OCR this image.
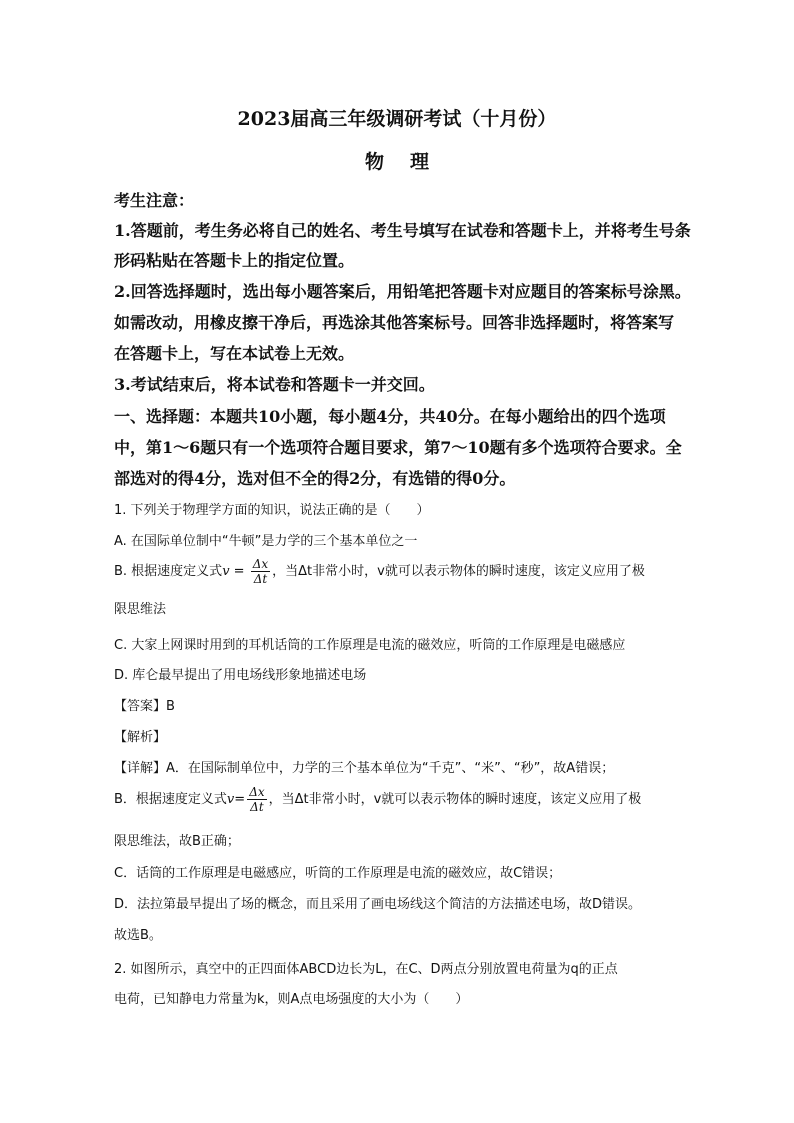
2023届高三年级调研考试（十月份）
物理
考生注意：
1.答题前，考生务必将自己的姓名、考生号填写在试卷和答题卡上，并将考生号条
形码粘贴在答题卡上的指定位置。
2.回答选择题时，选出每小题答案后，用铅笔把答题卡对应题目的答案标号涂黑。
如需改动，用橡皮擦干净后，再选涂其他答案标号。回答非选择题时，将答案写
在答题卡上，写在本试卷上无效。
3.考试结束后，将本试卷和答题卡一并交回。
一、选择题：本题共10小题，每小题4分，共40分。在每小题给出的四个选项
中，第1～6题只有一个选项符合题目要求，第7～10题有多个选项符合要求。全
部选对的得4分，选对但不全的得2分，有选错的得0分。
1. 下列关于物理学方面的知识，说法正确的是（　　）
A. 在国际单位制中“牛顿”是力学的三个基本单位之一
B. 根据速度定义式$v = \frac{\Delta x}{\Delta t}$ ，当Δt非常小时，v就可以表示物体的瞬时速度，该定义应用了极
限思维法
C. 大家上网课时用到的耳机话筒的工作原理是电流的磁效应，听筒的工作原理是电磁感应
D. 库仑最早提出了用电场线形象地描述电场
【答案】B
【解析】
【详解】A．在国际制单位中，力学的三个基本单位为“千克”、“米”、“秒”，故A错误；
B．根据速度定义式$v= \frac{\Delta x}{\Delta t}$ ，当Δt非常小时，v就可以表示物体的瞬时速度，该定义应用了极
限思维法，故B正确；
C．话筒的工作原理是电磁感应，听筒的工作原理是电流的磁效应，故C错误；
D．法拉第最早提出了场的概念，而且采用了画电场线这个简洁的方法描述电场，故D错误。
故选B。
2. 如图所示，真空中的正四面体ABCD边长为L，在C、D两点分别放置电荷量为q的正点
电荷，已知静电力常量为k，则A点电场强度的大小为（　　）
